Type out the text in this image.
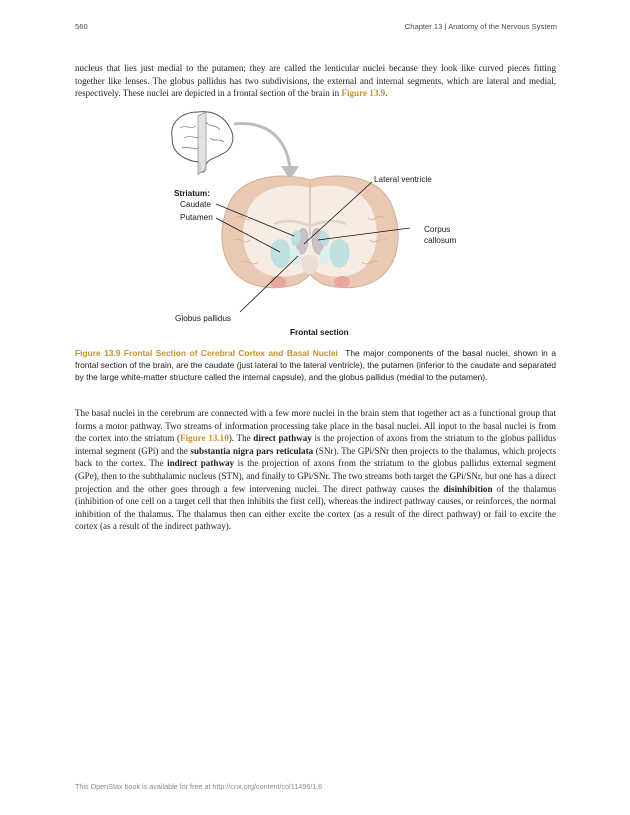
560	Chapter 13 | Anatomy of the Nervous System
nucleus that lies just medial to the putamen; they are called the lenticular nuclei because they look like curved pieces fitting together like lenses. The globus pallidus has two subdivisions, the external and internal segments, which are lateral and medial, respectively. These nuclei are depicted in a frontal section of the brain in Figure 13.9.
Lateral ventricle
Corpus
callosum
Striatum:
Caudate
Putamen
Globus pallidus
Frontal section
Figure 13.9 Frontal Section of Cerebral Cortex and Basal Nuclei The major components of the basal nuclei, shown in a frontal section of the brain, are the caudate (just lateral to the lateral ventricle), the putamen (inferior to the caudate and separated by the large white-matter structure called the internal capsule), and the globus pallidus (medial to the putamen).
The basal nuclei in the cerebrum are connected with a few more nuclei in the brain stem that together act as a functional group that forms a motor pathway. Two streams of information processing take place in the basal nuclei. All input to the basal nuclei is from the cortex into the striatum (Figure 13.10). The direct pathway is the projection of axons from the striatum to the globus pallidus internal segment (GPi) and the substantia nigra pars reticulata (SNr). The GPi/SNr then projects to the thalamus, which projects back to the cortex. The indirect pathway is the projection of axons from the striatum to the globus pallidus external segment (GPe), then to the subthalamic nucleus (STN), and finally to GPi/SNr. The two streams both target the GPi/SNr, but one has a direct projection and the other goes through a few intervening nuclei. The direct pathway causes the disinhibition of the thalamus (inhibition of one cell on a target cell that then inhibits the first cell), whereas the indirect pathway causes, or reinforces, the normal inhibition of the thalamus. The thalamus then can either excite the cortex (as a result of the direct pathway) or fail to excite the cortex (as a result of the indirect pathway).
This OpenStax book is available for free at http://cnx.org/content/col11496/1.6
